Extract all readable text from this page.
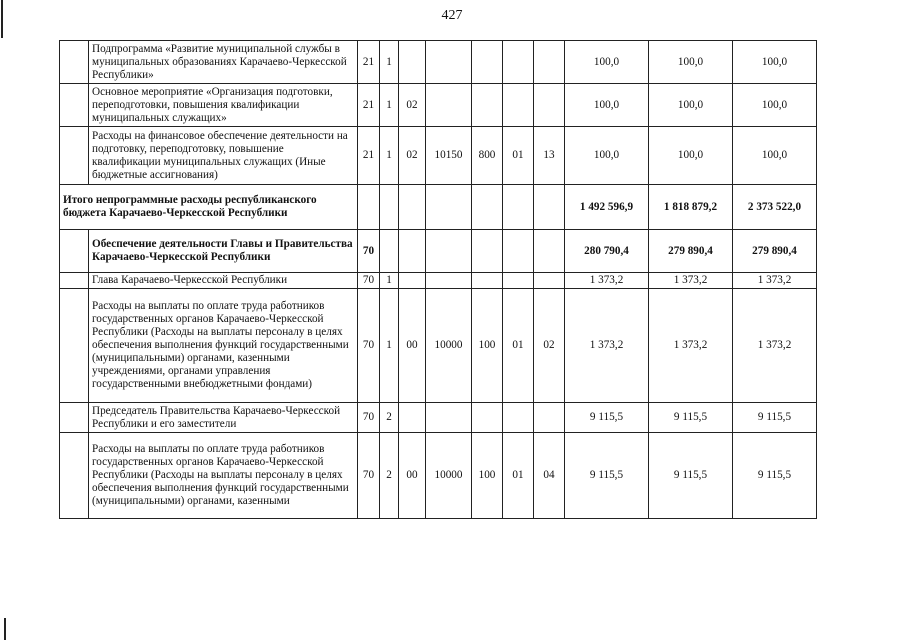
427
	Подпрограмма «Развитие муниципальной службы в муниципальных образованиях Карачаево-Черкесской Республики»	21	1						100,0	100,0	100,0
	Основное мероприятие «Организация подготовки, переподготовки, повышения квалификации муниципальных служащих»	21	1	02					100,0	100,0	100,0
	Расходы на финансовое обеспечение деятельности на подготовку, переподготовку, повышение квалификации муниципальных служащих (Иные бюджетные ассигнования)	21	1	02	10150	800	01	13	100,0	100,0	100,0
Итого непрограммные расходы республиканского бюджета Карачаево-Черкесской Республики									1 492 596,9	1 818 879,2	2 373 522,0
	Обеспечение деятельности Главы и Правительства Карачаево-Черкесской Республики	70							280 790,4	279 890,4	279 890,4
	Глава Карачаево-Черкесской Республики	70	1						1 373,2	1 373,2	1 373,2
	Расходы на выплаты по оплате труда работников государственных органов Карачаево-Черкесской Республики (Расходы на выплаты персоналу в целях обеспечения выполнения функций государственными (муниципальными) органами, казенными учреждениями, органами управления государственными внебюджетными фондами)	70	1	00	10000	100	01	02	1 373,2	1 373,2	1 373,2
	Председатель Правительства Карачаево-Черкесской Республики и его заместители	70	2						9 115,5	9 115,5	9 115,5
	Расходы на выплаты по оплате труда работников государственных органов Карачаево-Черкесской Республики (Расходы на выплаты персоналу в целях обеспечения выполнения функций государственными (муниципальными) органами, казенными	70	2	00	10000	100	01	04	9 115,5	9 115,5	9 115,5
